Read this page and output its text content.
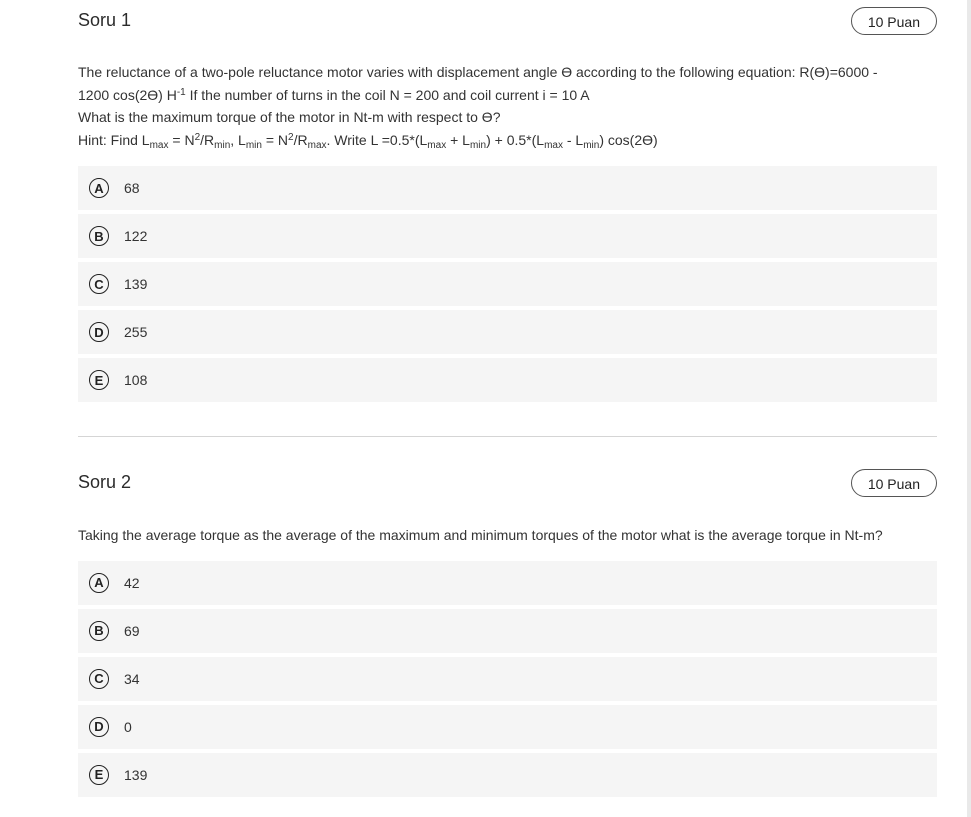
Soru 1	10 Puan
The reluctance of a two-pole reluctance motor varies with displacement angle ϴ according to the following equation: R(ϴ)=6000 -
1200 cos(2ϴ) $H^{-1}$ If the number of turns in the coil N = 200 and coil current i = 10 A
What is the maximum torque of the motor in Nt-m with respect to ϴ?
Hint: Find $L_{max} = N^2/R_{min}$, $L_{min} = N^2/R_{max}$. Write $L =0.5*(L_{max} + L_{min}) + 0.5*(L_{max} - L_{min})$ cos(2ϴ)
A	68
B	122
C	139
D	255
E	108
Soru 2	10 Puan
Taking the average torque as the average of the maximum and minimum torques of the motor what is the average torque in Nt-m?
A	42
B	69
C	34
D	0
E	139
